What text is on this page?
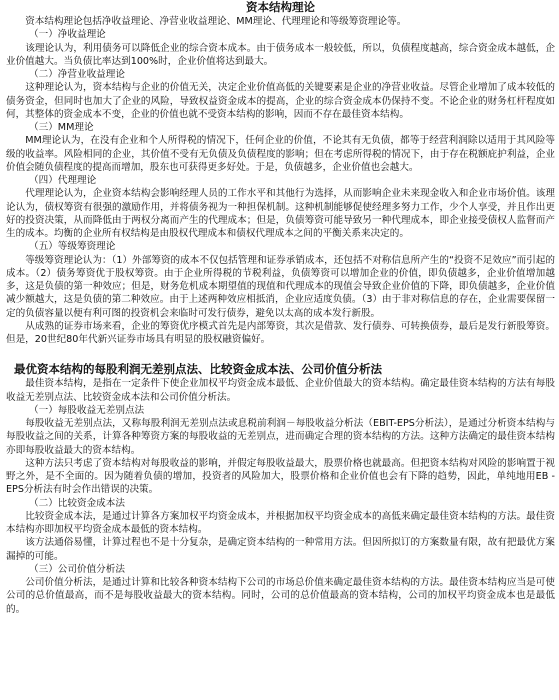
资本结构理论

资本结构理论包括净收益理论、净营业收益理论、MM理论、代理理论和等级筹资理论等。

（一）净收益理论

该理论认为，利用债务可以降低企业的综合资本成本。由于债务成本一般较低，所以，负债程度越高，综合资金成本越低，企业价值越大。当负债比率达到100%时，企业价值将达到最大。

（二）净营业收益理论

这种理论认为，资本结构与企业的价值无关，决定企业价值高低的关键要素是企业的净营业收益。尽管企业增加了成本较低的债务资金，但同时也加大了企业的风险，导致权益资金成本的提高，企业的综合资金成本仍保持不变。不论企业的财务杠杆程度如何，其整体的资金成本不变，企业的价值也就不受资本结构的影响，因而不存在最佳资本结构。

（三）MM理论

MM理论认为，在没有企业和个人所得税的情况下，任何企业的价值，不论其有无负债，都等于经营利润除以适用于其风险等级的收益率。风险相同的企业，其价值不受有无负债及负债程度的影响；但在考虑所得税的情况下，由于存在税额庇护利益，企业价值会随负债程度的提高而增加，股东也可获得更多好处。于是，负债越多，企业价值也会越大。

（四）代理理论

代理理论认为，企业资本结构会影响经理人员的工作水平和其他行为选择，从而影响企业未来现金收入和企业市场价值。该理论认为，债权筹资有很强的激励作用，并将债务视为一种担保机制。这种机制能够促使经理多努力工作，少个人享受，并且作出更好的投资决策，从而降低由于两权分离而产生的代理成本；但是，负债筹资可能导致另一种代理成本，即企业接受债权人监督而产生的成本。均衡的企业所有权结构是由股权代理成本和债权代理成本之间的平衡关系来决定的。

（五）等级筹资理论

等级筹资理论认为：（1）外部筹资的成本不仅包括管理和证券承销成本，还包括不对称信息所产生的“投资不足效应”而引起的成本。（2）债务筹资优于股权筹资。由于企业所得税的节税利益，负债筹资可以增加企业的价值，即负债越多，企业价值增加越多，这是负债的第一种效应；但是，财务危机成本期望值的现值和代理成本的现值会导致企业价值的下降，即负债越多，企业价值减少额越大，这是负债的第二种效应。由于上述两种效应相抵消，企业应适度负债。（3）由于非对称信息的存在，企业需要保留一定的负债容量以便有利可图的投资机会来临时可发行债券，避免以太高的成本发行新股。

从成熟的证券市场来看，企业的筹资优序模式首先是内部筹资，其次是借款、发行债券、可转换债券，最后是发行新股筹资。但是，20世纪80年代新兴证券市场具有明显的股权融资偏好。

最优资本结构的每股利润无差别点法、比较资金成本法、公司价值分析法

最佳资本结构，是指在一定条件下使企业加权平均资金成本最低、企业价值最大的资本结构。确定最佳资本结构的方法有每股收益无差别点法、比较资金成本法和公司价值分析法。

（一）每股收益无差别点法

每股收益无差别点法，又称每股利润无差别点法或息税前利润－每股收益分析法（EBIT-EPS分析法），是通过分析资本结构与每股收益之间的关系，计算各种筹资方案的每股收益的无差别点，进而确定合理的资本结构的方法。这种方法确定的最佳资本结构亦即每股收益最大的资本结构。

这种方法只考虑了资本结构对每股收益的影响，并假定每股收益最大，股票价格也就最高。但把资本结构对风险的影响置于视野之外，是不全面的。因为随着负债的增加，投资者的风险加大，股票价格和企业价值也会有下降的趋势，因此，单纯地用EB -EPS分析法有时会作出错误的决策。

（二）比较资金成本法

比较资金成本法，是通过计算各方案加权平均资金成本，并根据加权平均资金成本的高低来确定最佳资本结构的方法。最佳资本结构亦即加权平均资金成本最低的资本结构。

该方法通俗易懂，计算过程也不是十分复杂，是确定资本结构的一种常用方法。但因所拟订的方案数量有限，故有把最优方案漏掉的可能。

（三）公司价值分析法

公司价值分析法，是通过计算和比较各种资本结构下公司的市场总价值来确定最佳资本结构的方法。最佳资本结构应当是可使公司的总价值最高，而不是每股收益最大的资本结构。同时，公司的总价值最高的资本结构，公司的加权平均资金成本也是最低的。
